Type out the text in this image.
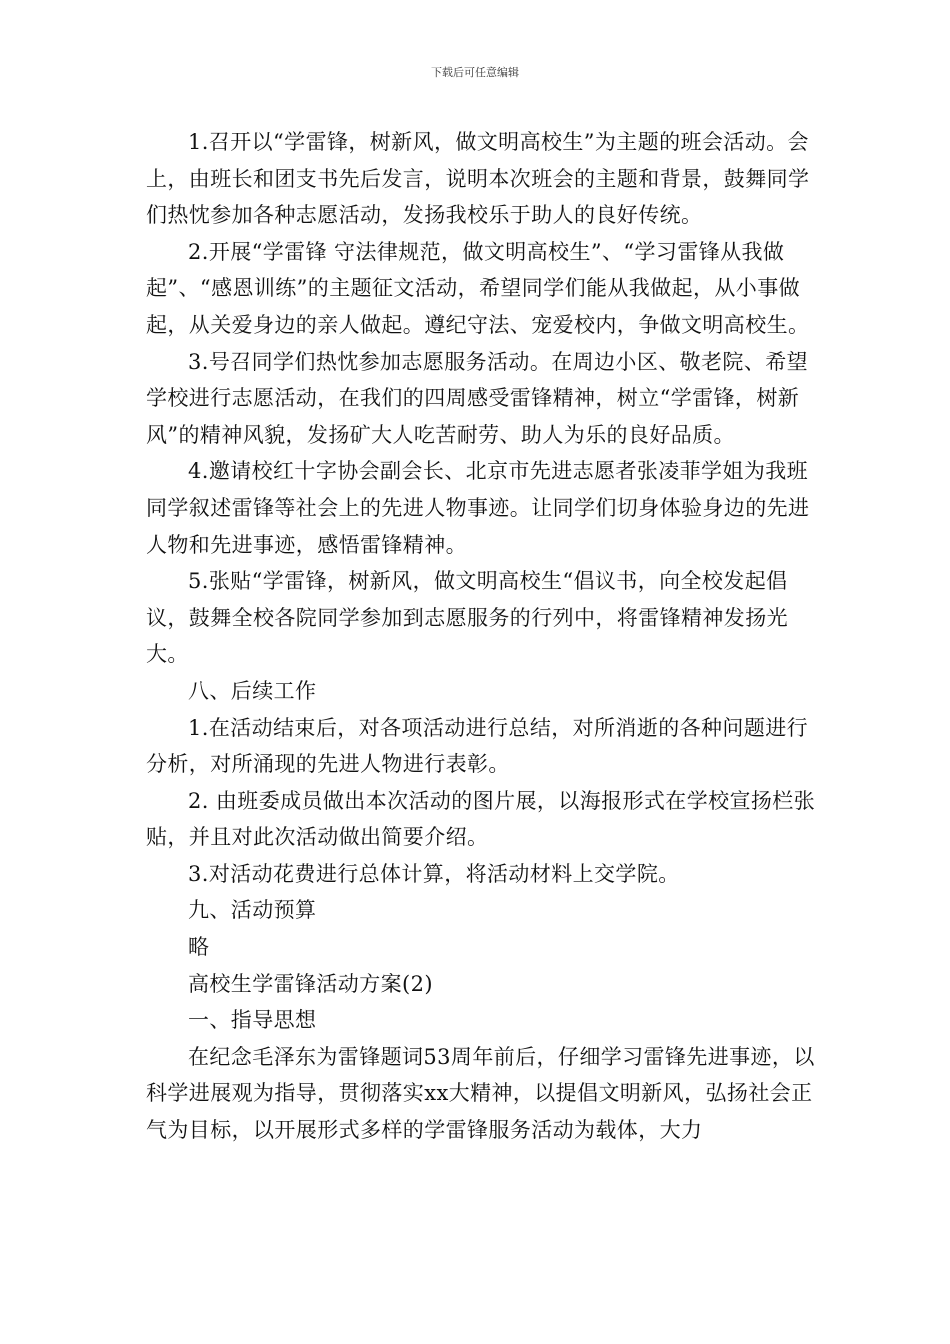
下载后可任意编辑

1.召开以“学雷锋，树新风，做文明高校生”为主题的班会活动。会上，由班长和团支书先后发言，说明本次班会的主题和背景，鼓舞同学们热忱参加各种志愿活动，发扬我校乐于助人的良好传统。

2.开展“学雷锋 守法律规范，做文明高校生”、“学习雷锋从我做起”、“感恩训练”的主题征文活动，希望同学们能从我做起，从小事做起，从关爱身边的亲人做起。遵纪守法、宠爱校内，争做文明高校生。

3.号召同学们热忱参加志愿服务活动。在周边小区、敬老院、希望学校进行志愿活动，在我们的四周感受雷锋精神，树立“学雷锋，树新风”的精神风貌，发扬矿大人吃苦耐劳、助人为乐的良好品质。

4.邀请校红十字协会副会长、北京市先进志愿者张凌菲学姐为我班同学叙述雷锋等社会上的先进人物事迹。让同学们切身体验身边的先进人物和先进事迹，感悟雷锋精神。

5.张贴“学雷锋，树新风，做文明高校生“倡议书，向全校发起倡议，鼓舞全校各院同学参加到志愿服务的行列中，将雷锋精神发扬光大。

八、后续工作

1.在活动结束后，对各项活动进行总结，对所消逝的各种问题进行分析，对所涌现的先进人物进行表彰。

2. 由班委成员做出本次活动的图片展，以海报形式在学校宣扬栏张贴，并且对此次活动做出简要介绍。

3.对活动花费进行总体计算，将活动材料上交学院。

九、活动预算

略

高校生学雷锋活动方案(2)

一、指导思想

在纪念毛泽东为雷锋题词53周年前后，仔细学习雷锋先进事迹，以科学进展观为指导，贯彻落实xx大精神，以提倡文明新风，弘扬社会正气为目标，以开展形式多样的学雷锋服务活动为载体，大力
